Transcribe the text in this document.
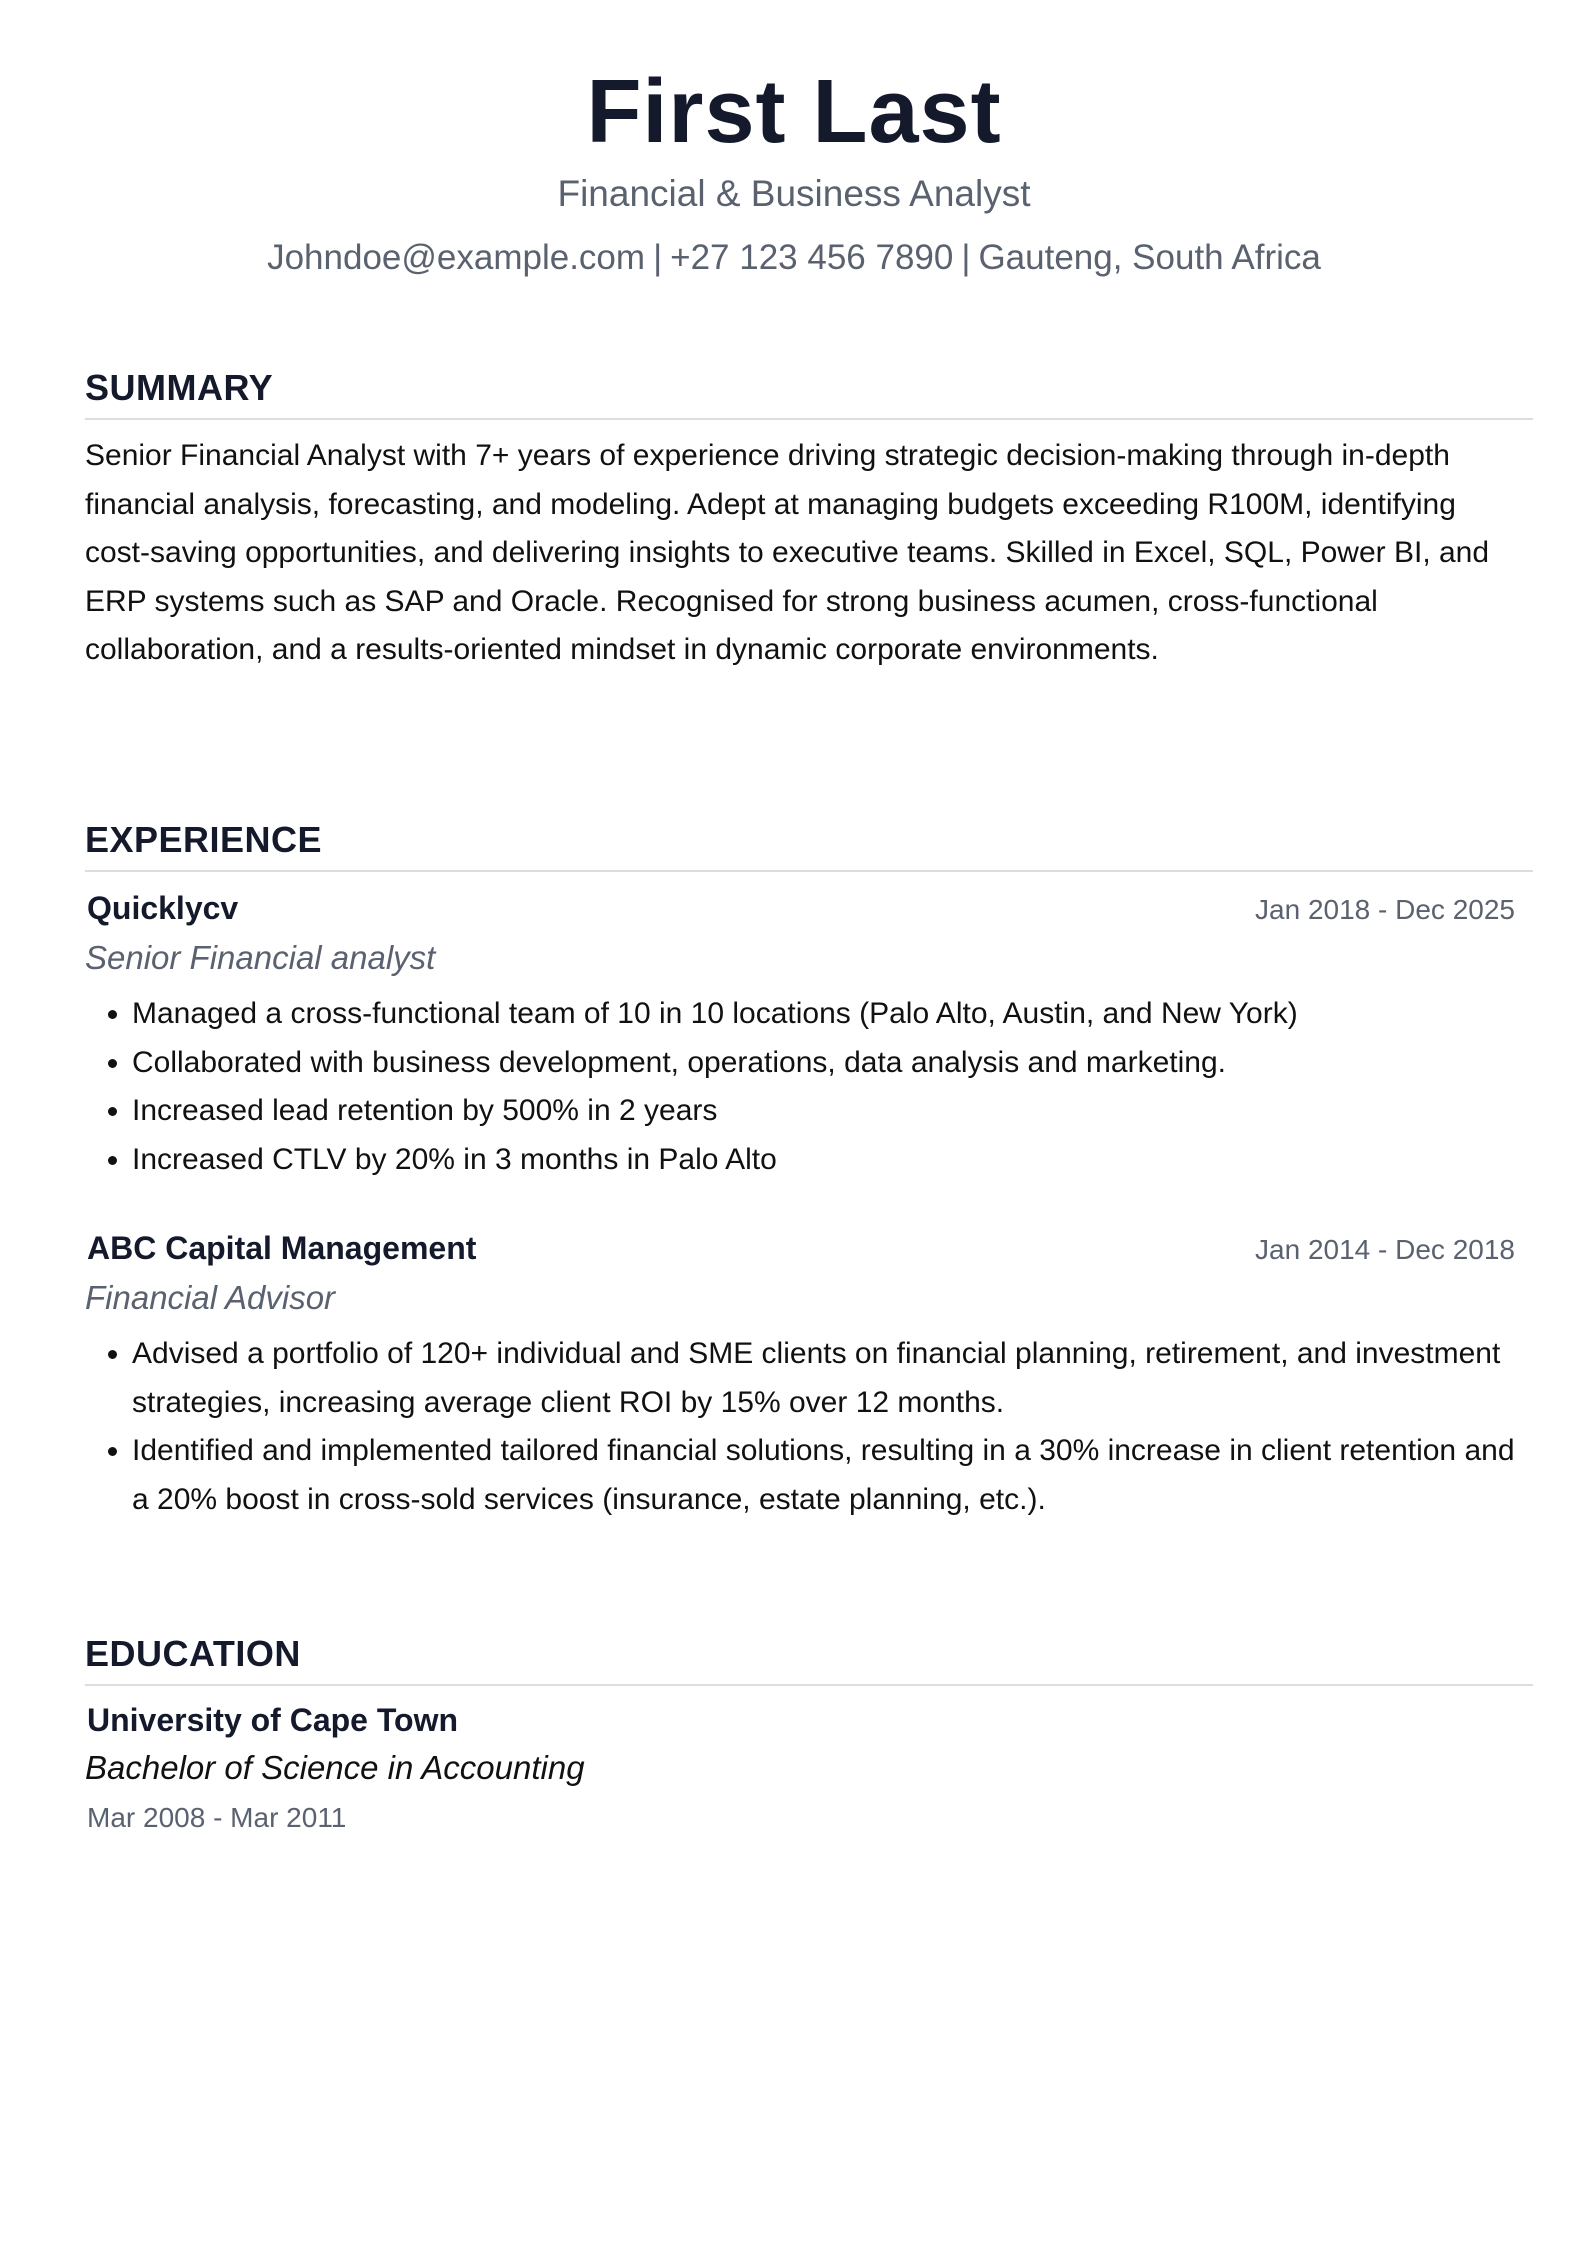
First Last
Financial & Business Analyst
Johndoe@example.com | +27 123 456 7890 | Gauteng, South Africa
SUMMARY
Senior Financial Analyst with 7+ years of experience driving strategic decision-making through in-depth financial analysis, forecasting, and modeling. Adept at managing budgets exceeding R100M, identifying cost-saving opportunities, and delivering insights to executive teams. Skilled in Excel, SQL, Power BI, and ERP systems such as SAP and Oracle. Recognised for strong business acumen, cross-functional collaboration, and a results-oriented mindset in dynamic corporate environments.
EXPERIENCE
Quicklycv	Jan 2018 - Dec 2025
Senior Financial analyst
• Managed a cross-functional team of 10 in 10 locations (Palo Alto, Austin, and New York)
• Collaborated with business development, operations, data analysis and marketing.
• Increased lead retention by 500% in 2 years
• Increased CTLV by 20% in 3 months in Palo Alto
ABC Capital Management	Jan 2014 - Dec 2018
Financial Advisor
• Advised a portfolio of 120+ individual and SME clients on financial planning, retirement, and investment strategies, increasing average client ROI by 15% over 12 months.
• Identified and implemented tailored financial solutions, resulting in a 30% increase in client retention and a 20% boost in cross-sold services (insurance, estate planning, etc.).
EDUCATION
University of Cape Town
Bachelor of Science in Accounting
Mar 2008 - Mar 2011
